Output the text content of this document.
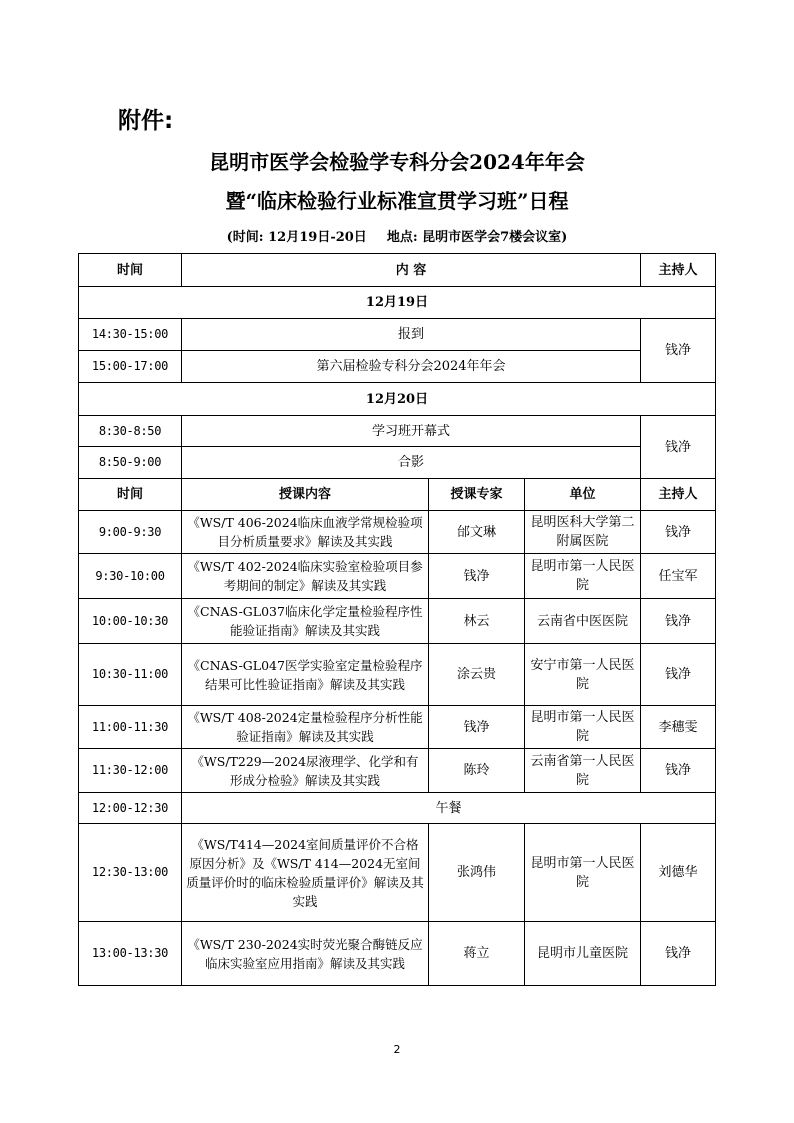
附件:
昆明市医学会检验学专科分会2024年年会
暨“临床检验行业标准宣贯学习班”日程
(时间: 12月19日-20日 地点: 昆明市医学会7楼会议室)
时间	内 容			主持人
12月19日				
14:30-15:00	报到			钱净
15:00-17:00	第六届检验专科分会2024年年会			
12月20日				
8:30-8:50	学习班开幕式			钱净
8:50-9:00	合影			
时间	授课内容	授课专家	单位	主持人
9:00-9:30	《WS/T 406-2024临床血液学常规检验项目分析质量要求》解读及其实践	邰文琳	昆明医科大学第二附属医院	钱净
9:30-10:00	《WS/T 402-2024临床实验室检验项目参考期间的制定》解读及其实践	钱净	昆明市第一人民医院	任宝军
10:00-10:30	《CNAS-GL037临床化学定量检验程序性能验证指南》解读及其实践	林云	云南省中医医院	钱净
10:30-11:00	《CNAS-GL047医学实验室定量检验程序结果可比性验证指南》解读及其实践	涂云贵	安宁市第一人民医院	钱净
11:00-11:30	《WS/T 408-2024定量检验程序分析性能验证指南》解读及其实践	钱净	昆明市第一人民医院	李穗雯
11:30-12:00	《WS/T229—2024尿液理学、化学和有形成分检验》解读及其实践	陈玲	云南省第一人民医院	钱净
12:00-12:30	午餐			
12:30-13:00	《WS/T414—2024室间质量评价不合格原因分析》及《WS/T 414—2024无室间质量评价时的临床检验质量评价》解读及其实践	张鸿伟	昆明市第一人民医院	刘德华
13:00-13:30	《WS/T 230-2024实时荧光聚合酶链反应临床实验室应用指南》解读及其实践	蒋立	昆明市儿童医院	钱净
2
